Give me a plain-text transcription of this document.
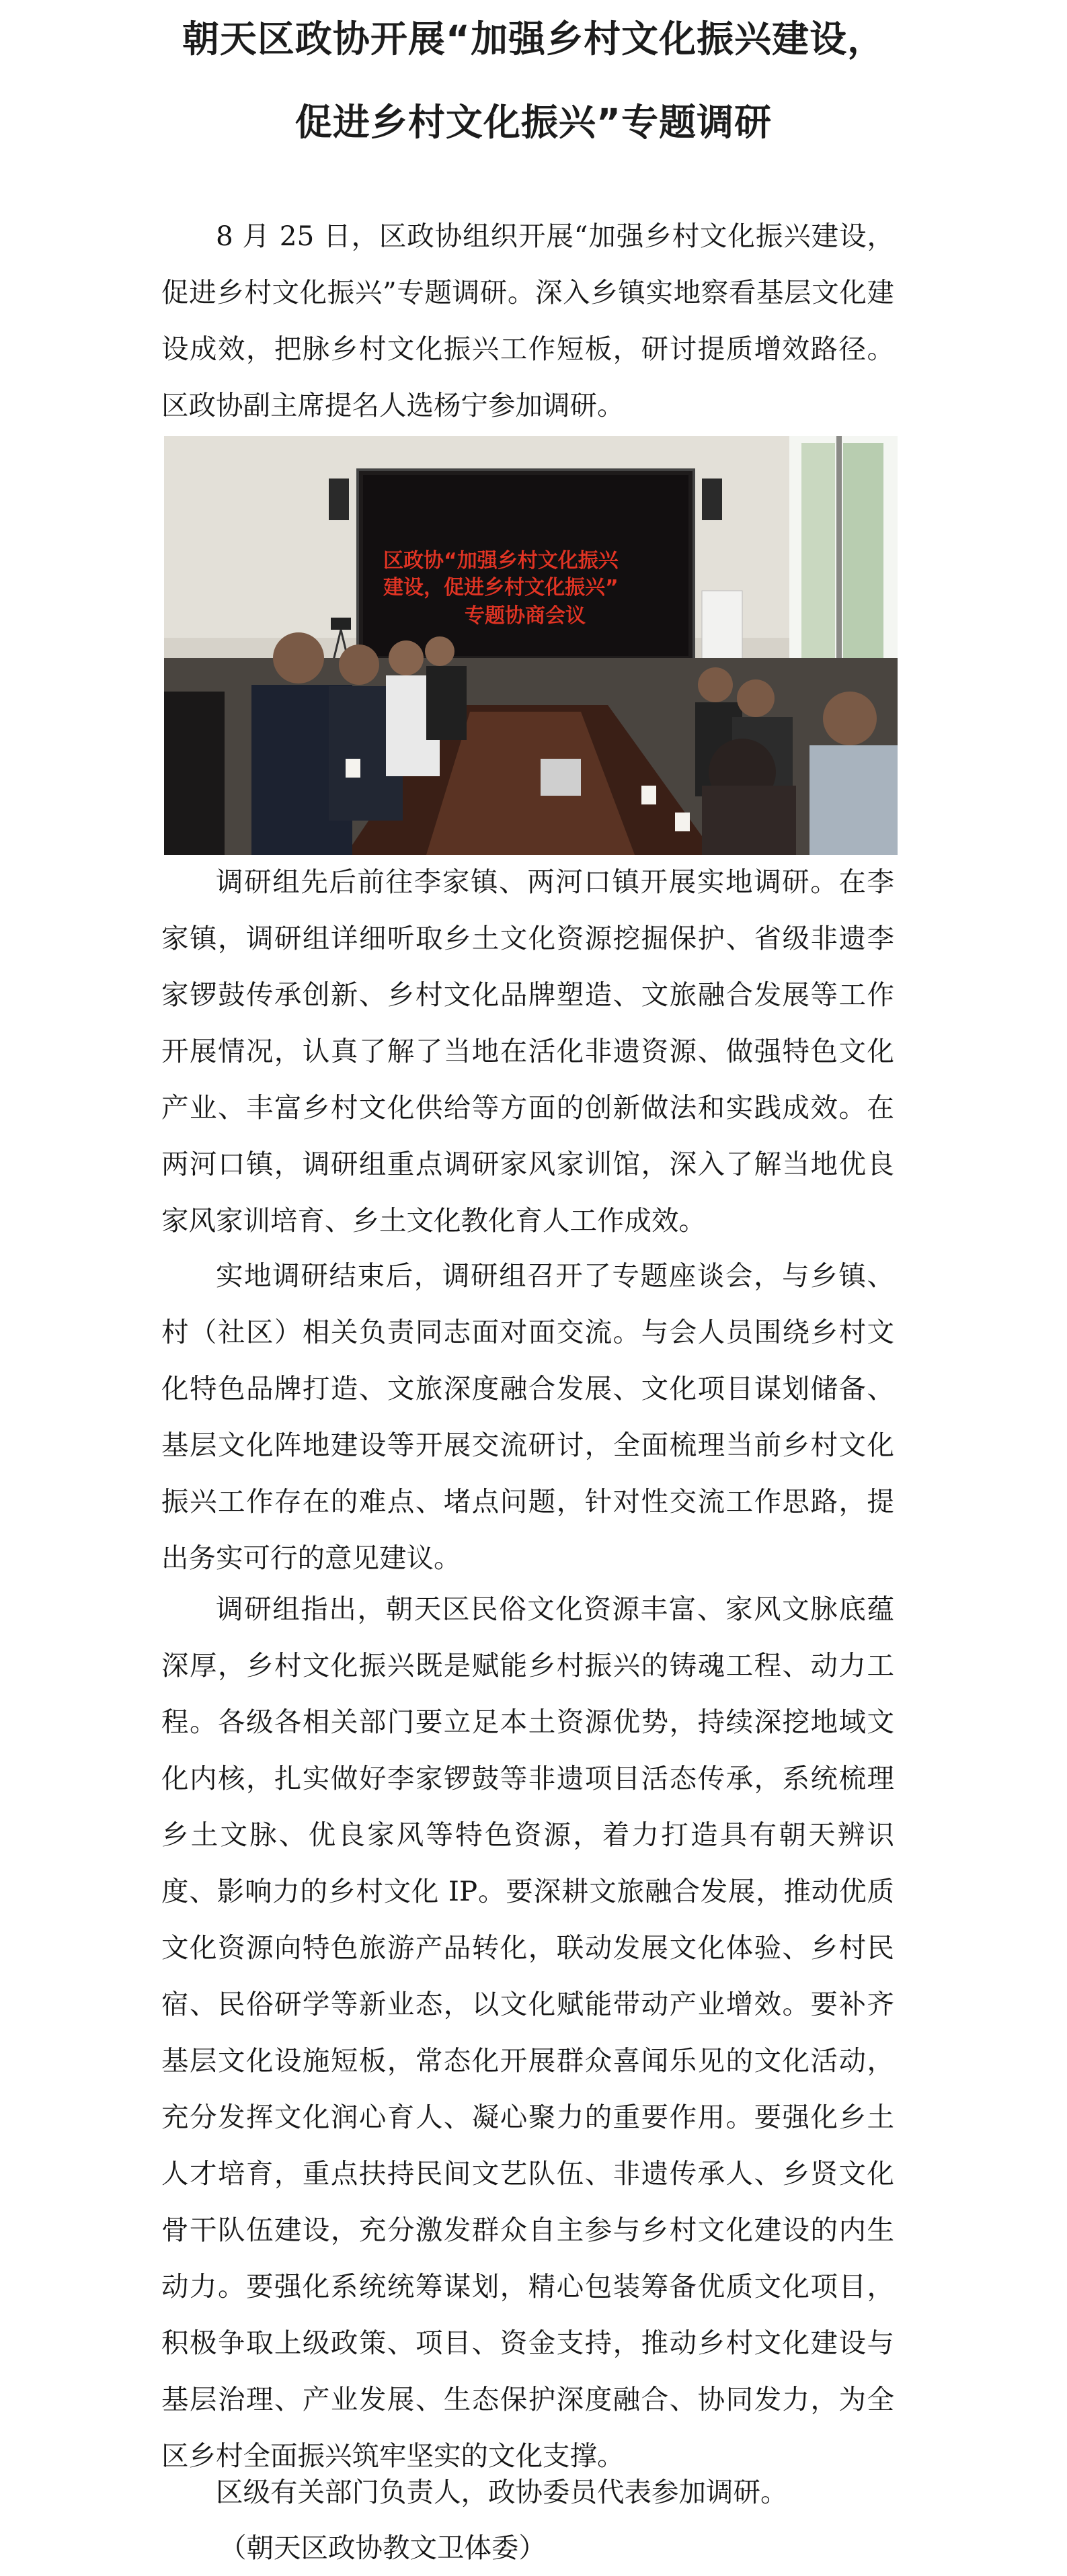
朝天区政协开展“加强乡村文化振兴建设，
促进乡村文化振兴”专题调研

8 月 25 日，区政协组织开展“加强乡村文化振兴建设，促进乡村文化振兴”专题调研。深入乡镇实地察看基层文化建设成效，把脉乡村文化振兴工作短板，研讨提质增效路径。区政协副主席提名人选杨宁参加调研。

区政协“加强乡村文化振兴
建设，促进乡村文化振兴”
专题协商会议

调研组先后前往李家镇、两河口镇开展实地调研。在李家镇，调研组详细听取乡土文化资源挖掘保护、省级非遗李家锣鼓传承创新、乡村文化品牌塑造、文旅融合发展等工作开展情况，认真了解了当地在活化非遗资源、做强特色文化产业、丰富乡村文化供给等方面的创新做法和实践成效。在两河口镇，调研组重点调研家风家训馆，深入了解当地优良家风家训培育、乡土文化教化育人工作成效。

实地调研结束后，调研组召开了专题座谈会，与乡镇、村（社区）相关负责同志面对面交流。与会人员围绕乡村文化特色品牌打造、文旅深度融合发展、文化项目谋划储备、基层文化阵地建设等开展交流研讨，全面梳理当前乡村文化振兴工作存在的难点、堵点问题，针对性交流工作思路，提出务实可行的意见建议。

调研组指出，朝天区民俗文化资源丰富、家风文脉底蕴深厚，乡村文化振兴既是赋能乡村振兴的铸魂工程、动力工程。各级各相关部门要立足本土资源优势，持续深挖地域文化内核，扎实做好李家锣鼓等非遗项目活态传承，系统梳理乡土文脉、优良家风等特色资源，着力打造具有朝天辨识度、影响力的乡村文化 IP。要深耕文旅融合发展，推动优质文化资源向特色旅游产品转化，联动发展文化体验、乡村民宿、民俗研学等新业态，以文化赋能带动产业增效。要补齐基层文化设施短板，常态化开展群众喜闻乐见的文化活动，充分发挥文化润心育人、凝心聚力的重要作用。要强化乡土人才培育，重点扶持民间文艺队伍、非遗传承人、乡贤文化骨干队伍建设，充分激发群众自主参与乡村文化建设的内生动力。要强化系统统筹谋划，精心包装筹备优质文化项目，积极争取上级政策、项目、资金支持，推动乡村文化建设与基层治理、产业发展、生态保护深度融合、协同发力，为全区乡村全面振兴筑牢坚实的文化支撑。

区级有关部门负责人，政协委员代表参加调研。

（朝天区政协教文卫体委）
